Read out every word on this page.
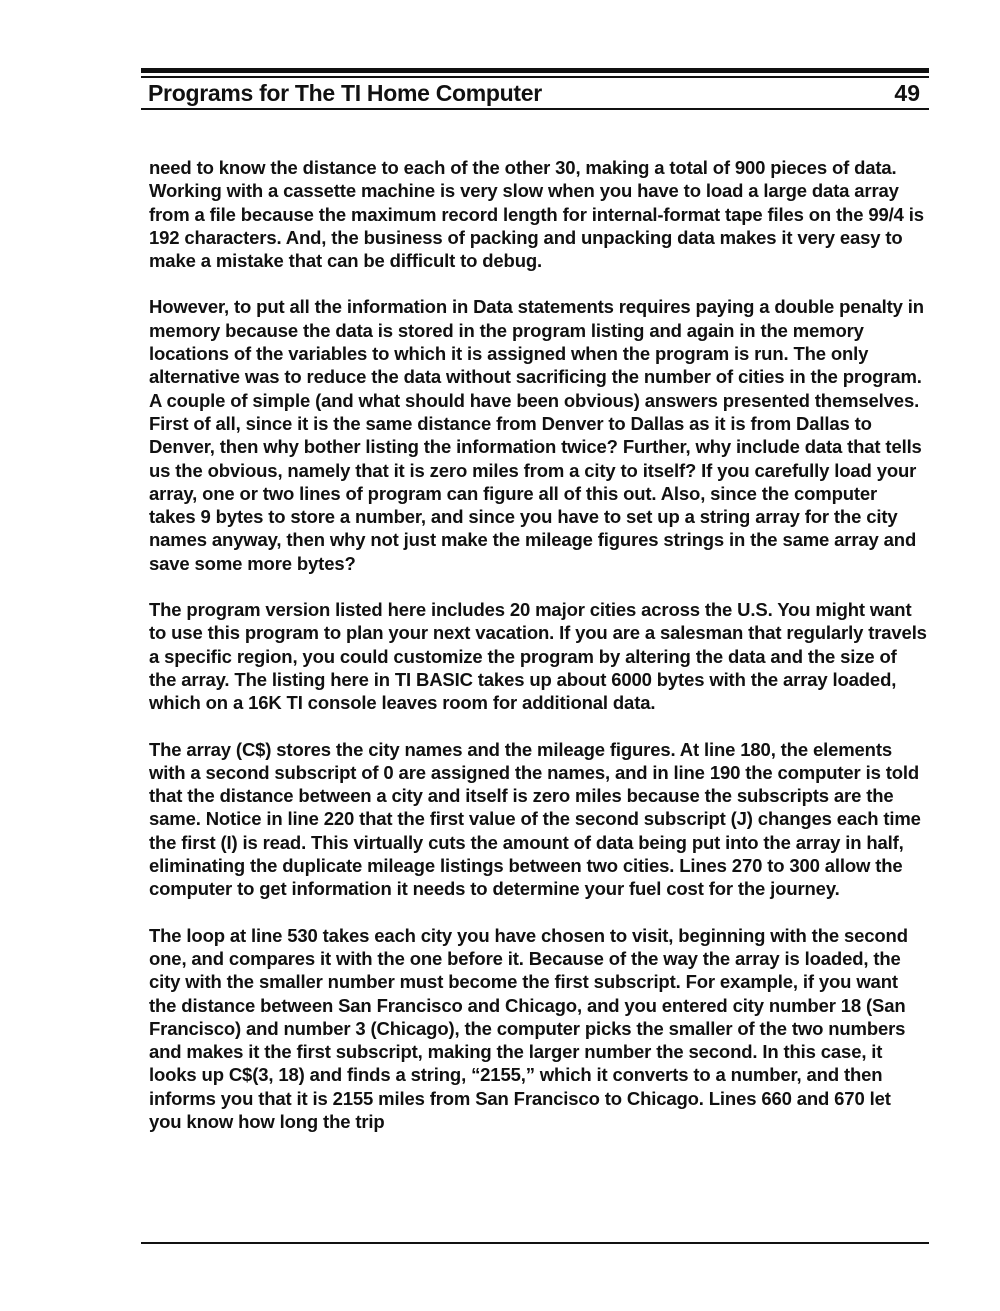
Programs for The TI Home Computer	49

need to know the distance to each of the other 30, making a total of 900 pieces of data. Working with a cassette machine is very slow when you have to load a large data array from a file because the maximum record length for internal-format tape files on the 99/4 is 192 characters. And, the business of packing and unpacking data makes it very easy to make a mistake that can be difficult to debug.

However, to put all the information in Data statements requires paying a double penalty in memory because the data is stored in the program listing and again in the memory locations of the variables to which it is assigned when the program is run. The only alternative was to reduce the data without sacrificing the number of cities in the program. A couple of simple (and what should have been obvious) answers presented themselves. First of all, since it is the same distance from Denver to Dallas as it is from Dallas to Denver, then why bother listing the information twice? Further, why include data that tells us the obvious, namely that it is zero miles from a city to itself? If you carefully load your array, one or two lines of program can figure all of this out. Also, since the computer takes 9 bytes to store a number, and since you have to set up a string array for the city names anyway, then why not just make the mileage figures strings in the same array and save some more bytes?

The program version listed here includes 20 major cities across the U.S. You might want to use this program to plan your next vacation. If you are a salesman that regularly travels a specific region, you could customize the program by altering the data and the size of the array. The listing here in TI BASIC takes up about 6000 bytes with the array loaded, which on a 16K TI console leaves room for additional data.

The array (C$) stores the city names and the mileage figures. At line 180, the elements with a second subscript of 0 are assigned the names, and in line 190 the computer is told that the distance between a city and itself is zero miles because the subscripts are the same. Notice in line 220 that the first value of the second subscript (J) changes each time the first (I) is read. This virtually cuts the amount of data being put into the array in half, eliminating the duplicate mileage listings between two cities. Lines 270 to 300 allow the computer to get information it needs to determine your fuel cost for the journey.

The loop at line 530 takes each city you have chosen to visit, beginning with the second one, and compares it with the one before it. Because of the way the array is loaded, the city with the smaller number must become the first subscript. For example, if you want the distance between San Francisco and Chicago, and you entered city number 18 (San Francisco) and number 3 (Chicago), the computer picks the smaller of the two numbers and makes it the first subscript, making the larger number the second. In this case, it looks up C$(3, 18) and finds a string, “2155,” which it converts to a number, and then informs you that it is 2155 miles from San Francisco to Chicago. Lines 660 and 670 let you know how long the trip
